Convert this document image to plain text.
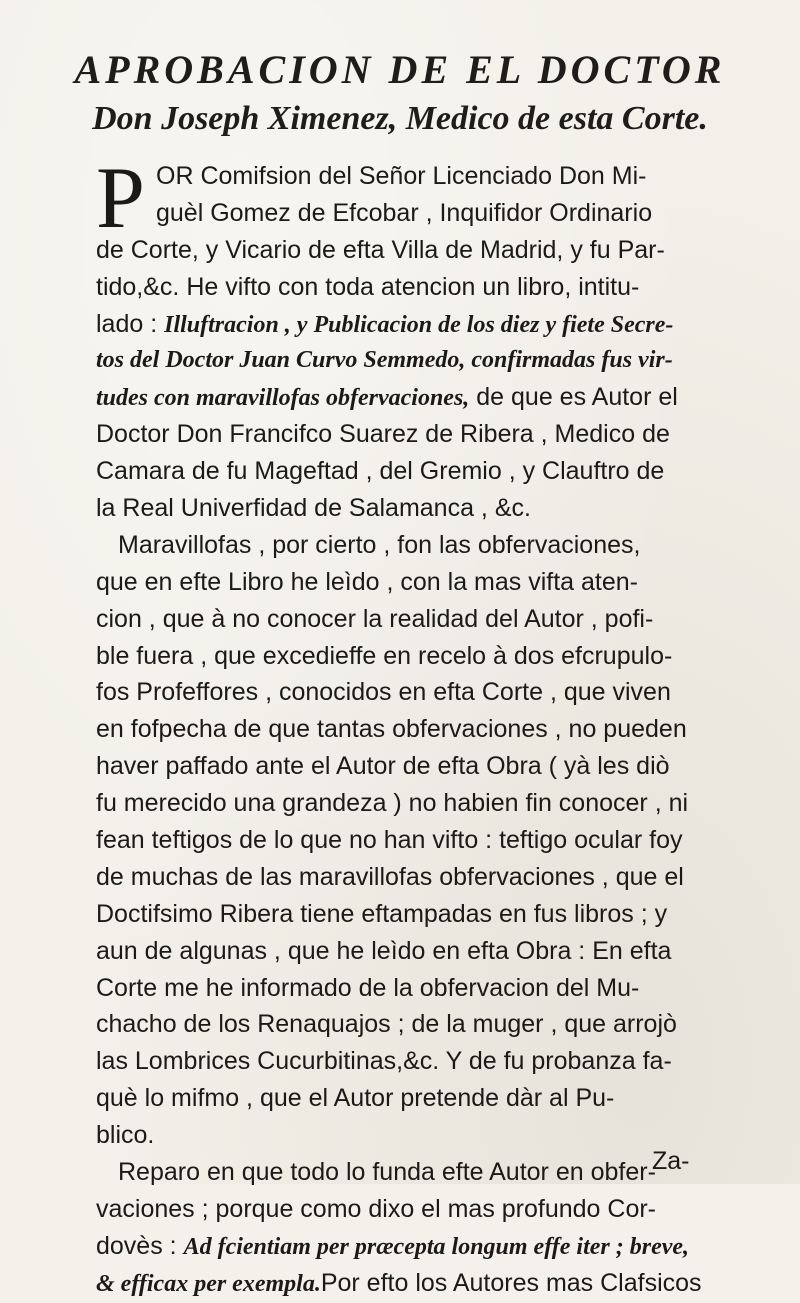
APROBACION DE EL DOCTOR
Don Joseph Ximenez, Medico de esta Corte.
P OR Comifsion del Señor Licenciado Don Mi-
guèl Gomez de Efcobar , Inquifidor Ordinario
de Corte, y Vicario de efta Villa de Madrid, y fu Par-
tido,&c. He vifto con toda atencion un libro, intitu-
lado : Illuftracion , y Publicacion de los diez y fiete Secre-
tos del Doctor Juan Curvo Semmedo, confirmadas fus vir-
tudes con maravillofas obfervaciones, de que es Autor el
Doctor Don Francifco Suarez de Ribera , Medico de
Camara de fu Mageftad , del Gremio , y Clauftro de
la Real Univerfidad de Salamanca , &c.
Maravillofas , por cierto , fon las obfervaciones,
que en efte Libro he leìdo , con la mas vifta aten-
cion , que à no conocer la realidad del Autor , pofi-
ble fuera , que excedieffe en recelo à dos efcrupulo-
fos Profeffores , conocidos en efta Corte , que viven
en fofpecha de que tantas obfervaciones , no pueden
haver paffado ante el Autor de efta Obra ( yà les diò
fu merecido una grandeza ) no habien fin conocer , ni
fean teftigos de lo que no han vifto : teftigo ocular foy
de muchas de las maravillofas obfervaciones , que el
Doctifsimo Ribera tiene eftampadas en fus libros ; y
aun de algunas , que he leìdo en efta Obra : En efta
Corte me he informado de la obfervacion del Mu-
chacho de los Renaquajos ; de la muger , que arrojò
las Lombrices Cucurbitinas,&c. Y de fu probanza fa-
què lo mifmo , que el Autor pretende dàr al Pu-
blico.
Reparo en que todo lo funda efte Autor en obfer-
vaciones ; porque como dixo el mas profundo Cor-
dovès : Ad fcientiam per præcepta longum effe iter ; breve,
& efficax per exempla.Por efto los Autores mas Clafsicos
Za-
